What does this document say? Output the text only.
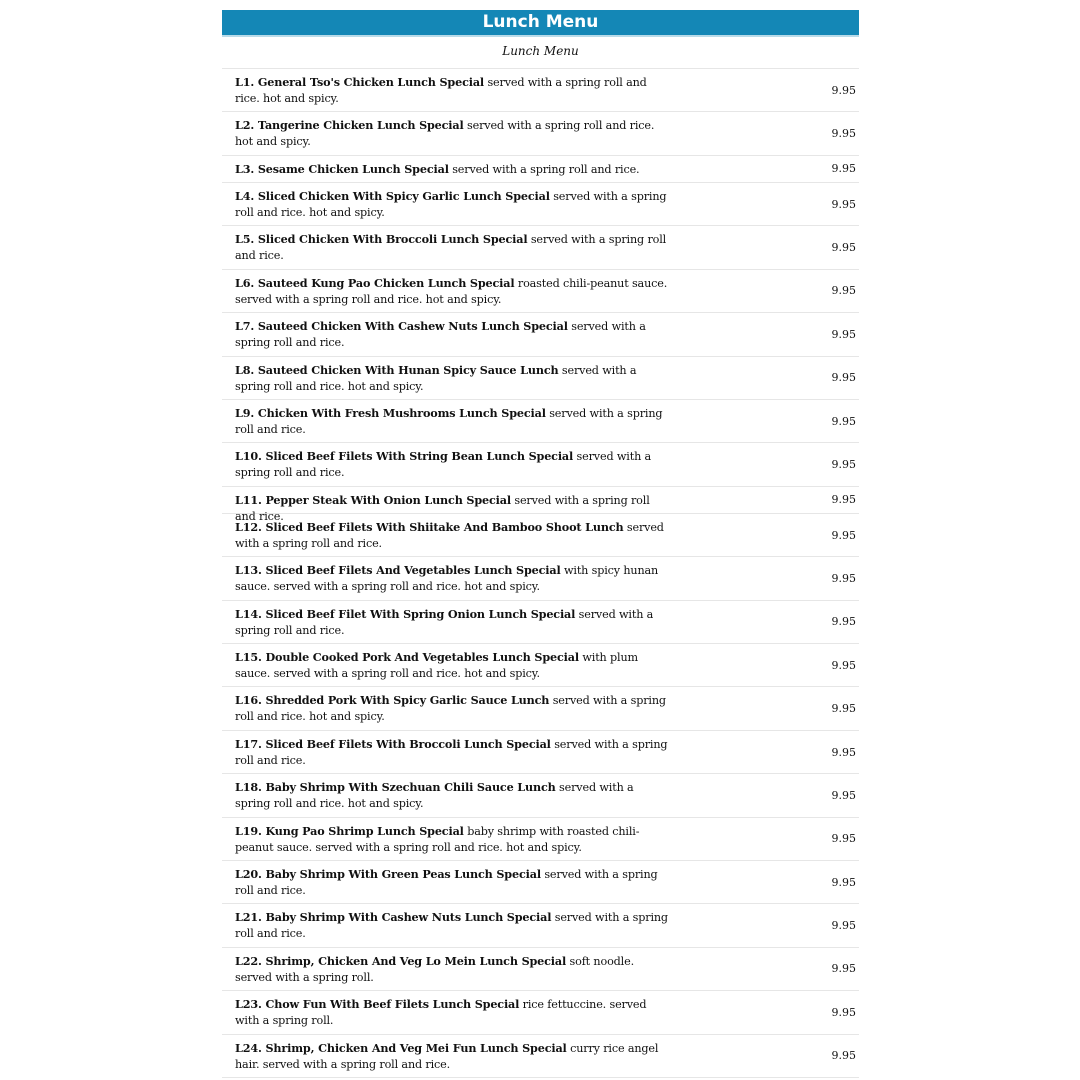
Lunch Menu
Lunch Menu
L1. General Tso's Chicken Lunch Special served with a spring roll and rice. hot and spicy.
9.95
L2. Tangerine Chicken Lunch Special served with a spring roll and rice. hot and spicy.
9.95
L3. Sesame Chicken Lunch Special served with a spring roll and rice.	9.95
L4. Sliced Chicken With Spicy Garlic Lunch Special served with a spring roll and rice. hot and spicy.
9.95
L5. Sliced Chicken With Broccoli Lunch Special served with a spring roll and rice.
9.95
L6. Sauteed Kung Pao Chicken Lunch Special roasted chili-peanut sauce. served with a spring roll and rice. hot and spicy.
9.95
L7. Sauteed Chicken With Cashew Nuts Lunch Special served with a spring roll and rice.
9.95
L8. Sauteed Chicken With Hunan Spicy Sauce Lunch served with a spring roll and rice. hot and spicy.
9.95
L9. Chicken With Fresh Mushrooms Lunch Special served with a spring roll and rice.
9.95
L10. Sliced Beef Filets With String Bean Lunch Special served with a spring roll and rice.
9.95
L11. Pepper Steak With Onion Lunch Special served with a spring roll and rice.
9.95
L12. Sliced Beef Filets With Shiitake And Bamboo Shoot Lunch served with a spring roll and rice.
9.95
L13. Sliced Beef Filets And Vegetables Lunch Special with spicy hunan sauce. served with a spring roll and rice. hot and spicy.
9.95
L14. Sliced Beef Filet With Spring Onion Lunch Special served with a spring roll and rice.
9.95
L15. Double Cooked Pork And Vegetables Lunch Special with plum sauce. served with a spring roll and rice. hot and spicy.
9.95
L16. Shredded Pork With Spicy Garlic Sauce Lunch served with a spring roll and rice. hot and spicy.
9.95
L17. Sliced Beef Filets With Broccoli Lunch Special served with a spring roll and rice.
9.95
L18. Baby Shrimp With Szechuan Chili Sauce Lunch served with a spring roll and rice. hot and spicy.
9.95
L19. Kung Pao Shrimp Lunch Special baby shrimp with roasted chili-peanut sauce. served with a spring roll and rice. hot and spicy.
9.95
L20. Baby Shrimp With Green Peas Lunch Special served with a spring roll and rice.
9.95
L21. Baby Shrimp With Cashew Nuts Lunch Special served with a spring roll and rice.
9.95
L22. Shrimp, Chicken And Veg Lo Mein Lunch Special soft noodle. served with a spring roll.
9.95
L23. Chow Fun With Beef Filets Lunch Special rice fettuccine. served with a spring roll.
9.95
L24. Shrimp, Chicken And Veg Mei Fun Lunch Special curry rice angel hair. served with a spring roll and rice.
9.95
